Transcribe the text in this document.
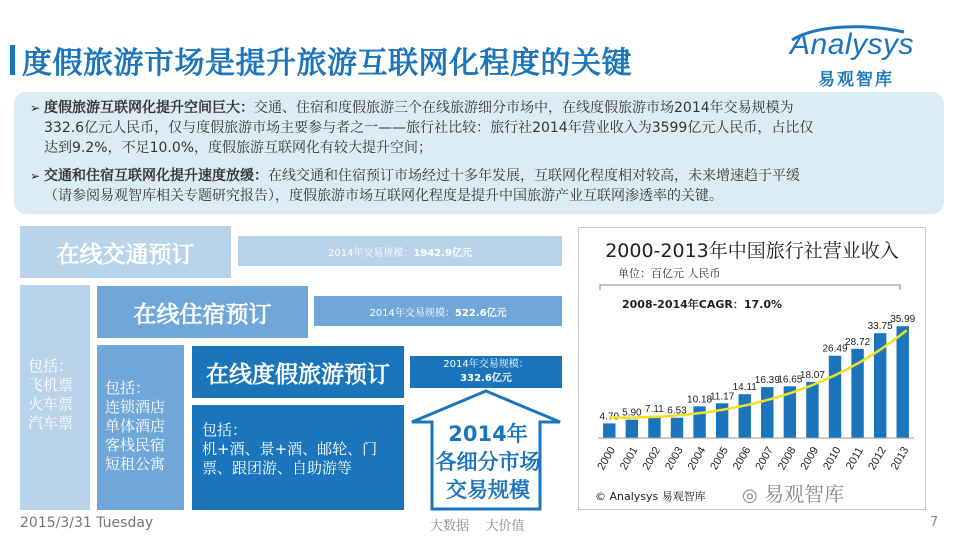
度假旅游市场是提升旅游互联网化程度的关键
Analysys
易观智库
➢ 度假旅游互联网化提升空间巨大：交通、住宿和度假旅游三个在线旅游细分市场中，在线度假旅游市场2014年交易规模为
332.6亿元人民币，仅与度假旅游市场主要参与者之一——旅行社比较：旅行社2014年营业收入为3599亿元人民币，占比仅
达到9.2%，不足10.0%，度假旅游互联网化有较大提升空间；
➢ 交通和住宿互联网化提升速度放缓：在线交通和住宿预订市场经过十多年发展，互联网化程度相对较高，未来增速趋于平缓
（请参阅易观智库相关专题研究报告），度假旅游市场互联网化程度是提升中国旅游产业互联网渗透率的关键。
在线交通预订	2014年交易规模： 1942.9亿元
包括：
飞机票
火车票
汽车票
在线住宿预订	2014年交易规模： 522.6亿元
包括：
连锁酒店
单体酒店
客栈民宿
短租公寓
在线度假旅游预订	2014年交易规模：
332.6亿元
包括：
机+酒、景+酒、邮轮、门
票、跟团游、自助游等
2014年
各细分市场
交易规模
2000-2013年中国旅行社营业收入
单位：百亿元 人民币
4.70
2000
5.90
2001
7.11
2002
6.53
2003
10.18
2004
11.17
2005
14.11
2006
16.39
2007
16.65
2008
18.07
2009
26.49
2010
28.72
2011
33.75
2012
35.99
2013
2008-2014年CAGR：17.0%
© Analysys 易观智库 ◎ 易观智库
2015/3/31 Tuesday	大数据    大价值	7
